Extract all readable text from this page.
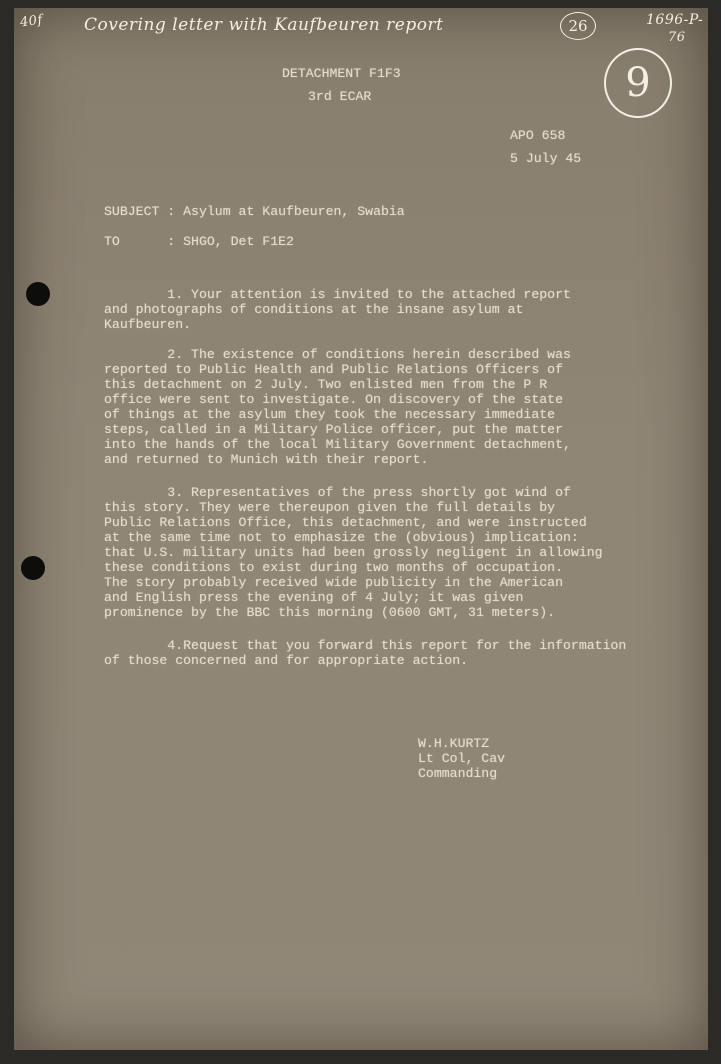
40f Covering letter with Kaufbeuren report	26	1696-P-
76
9
DETACHMENT F1F3
3rd ECAR
APO 658
5 July 45
SUBJECT : Asylum at Kaufbeuren, Swabia
TO      : SHGO, Det F1E2
1. Your attention is invited to the attached report
and photographs of conditions at the insane asylum at
Kaufbeuren.
2. The existence of conditions herein described was
reported to Public Health and Public Relations Officers of
this detachment on 2 July. Two enlisted men from the P R
office were sent to investigate. On discovery of the state
of things at the asylum they took the necessary immediate
steps, called in a Military Police officer, put the matter
into the hands of the local Military Government detachment,
and returned to Munich with their report.
3. Representatives of the press shortly got wind of
this story. They were thereupon given the full details by
Public Relations Office, this detachment, and were instructed
at the same time not to emphasize the (obvious) implication:
that U.S. military units had been grossly negligent in allowing
these conditions to exist during two months of occupation.
The story probably received wide publicity in the American
and English press the evening of 4 July; it was given
prominence by the BBC this morning (0600 GMT, 31 meters).
4.Request that you forward this report for the information
of those concerned and for appropriate action.
W.H.KURTZ
Lt Col, Cav
Commanding
